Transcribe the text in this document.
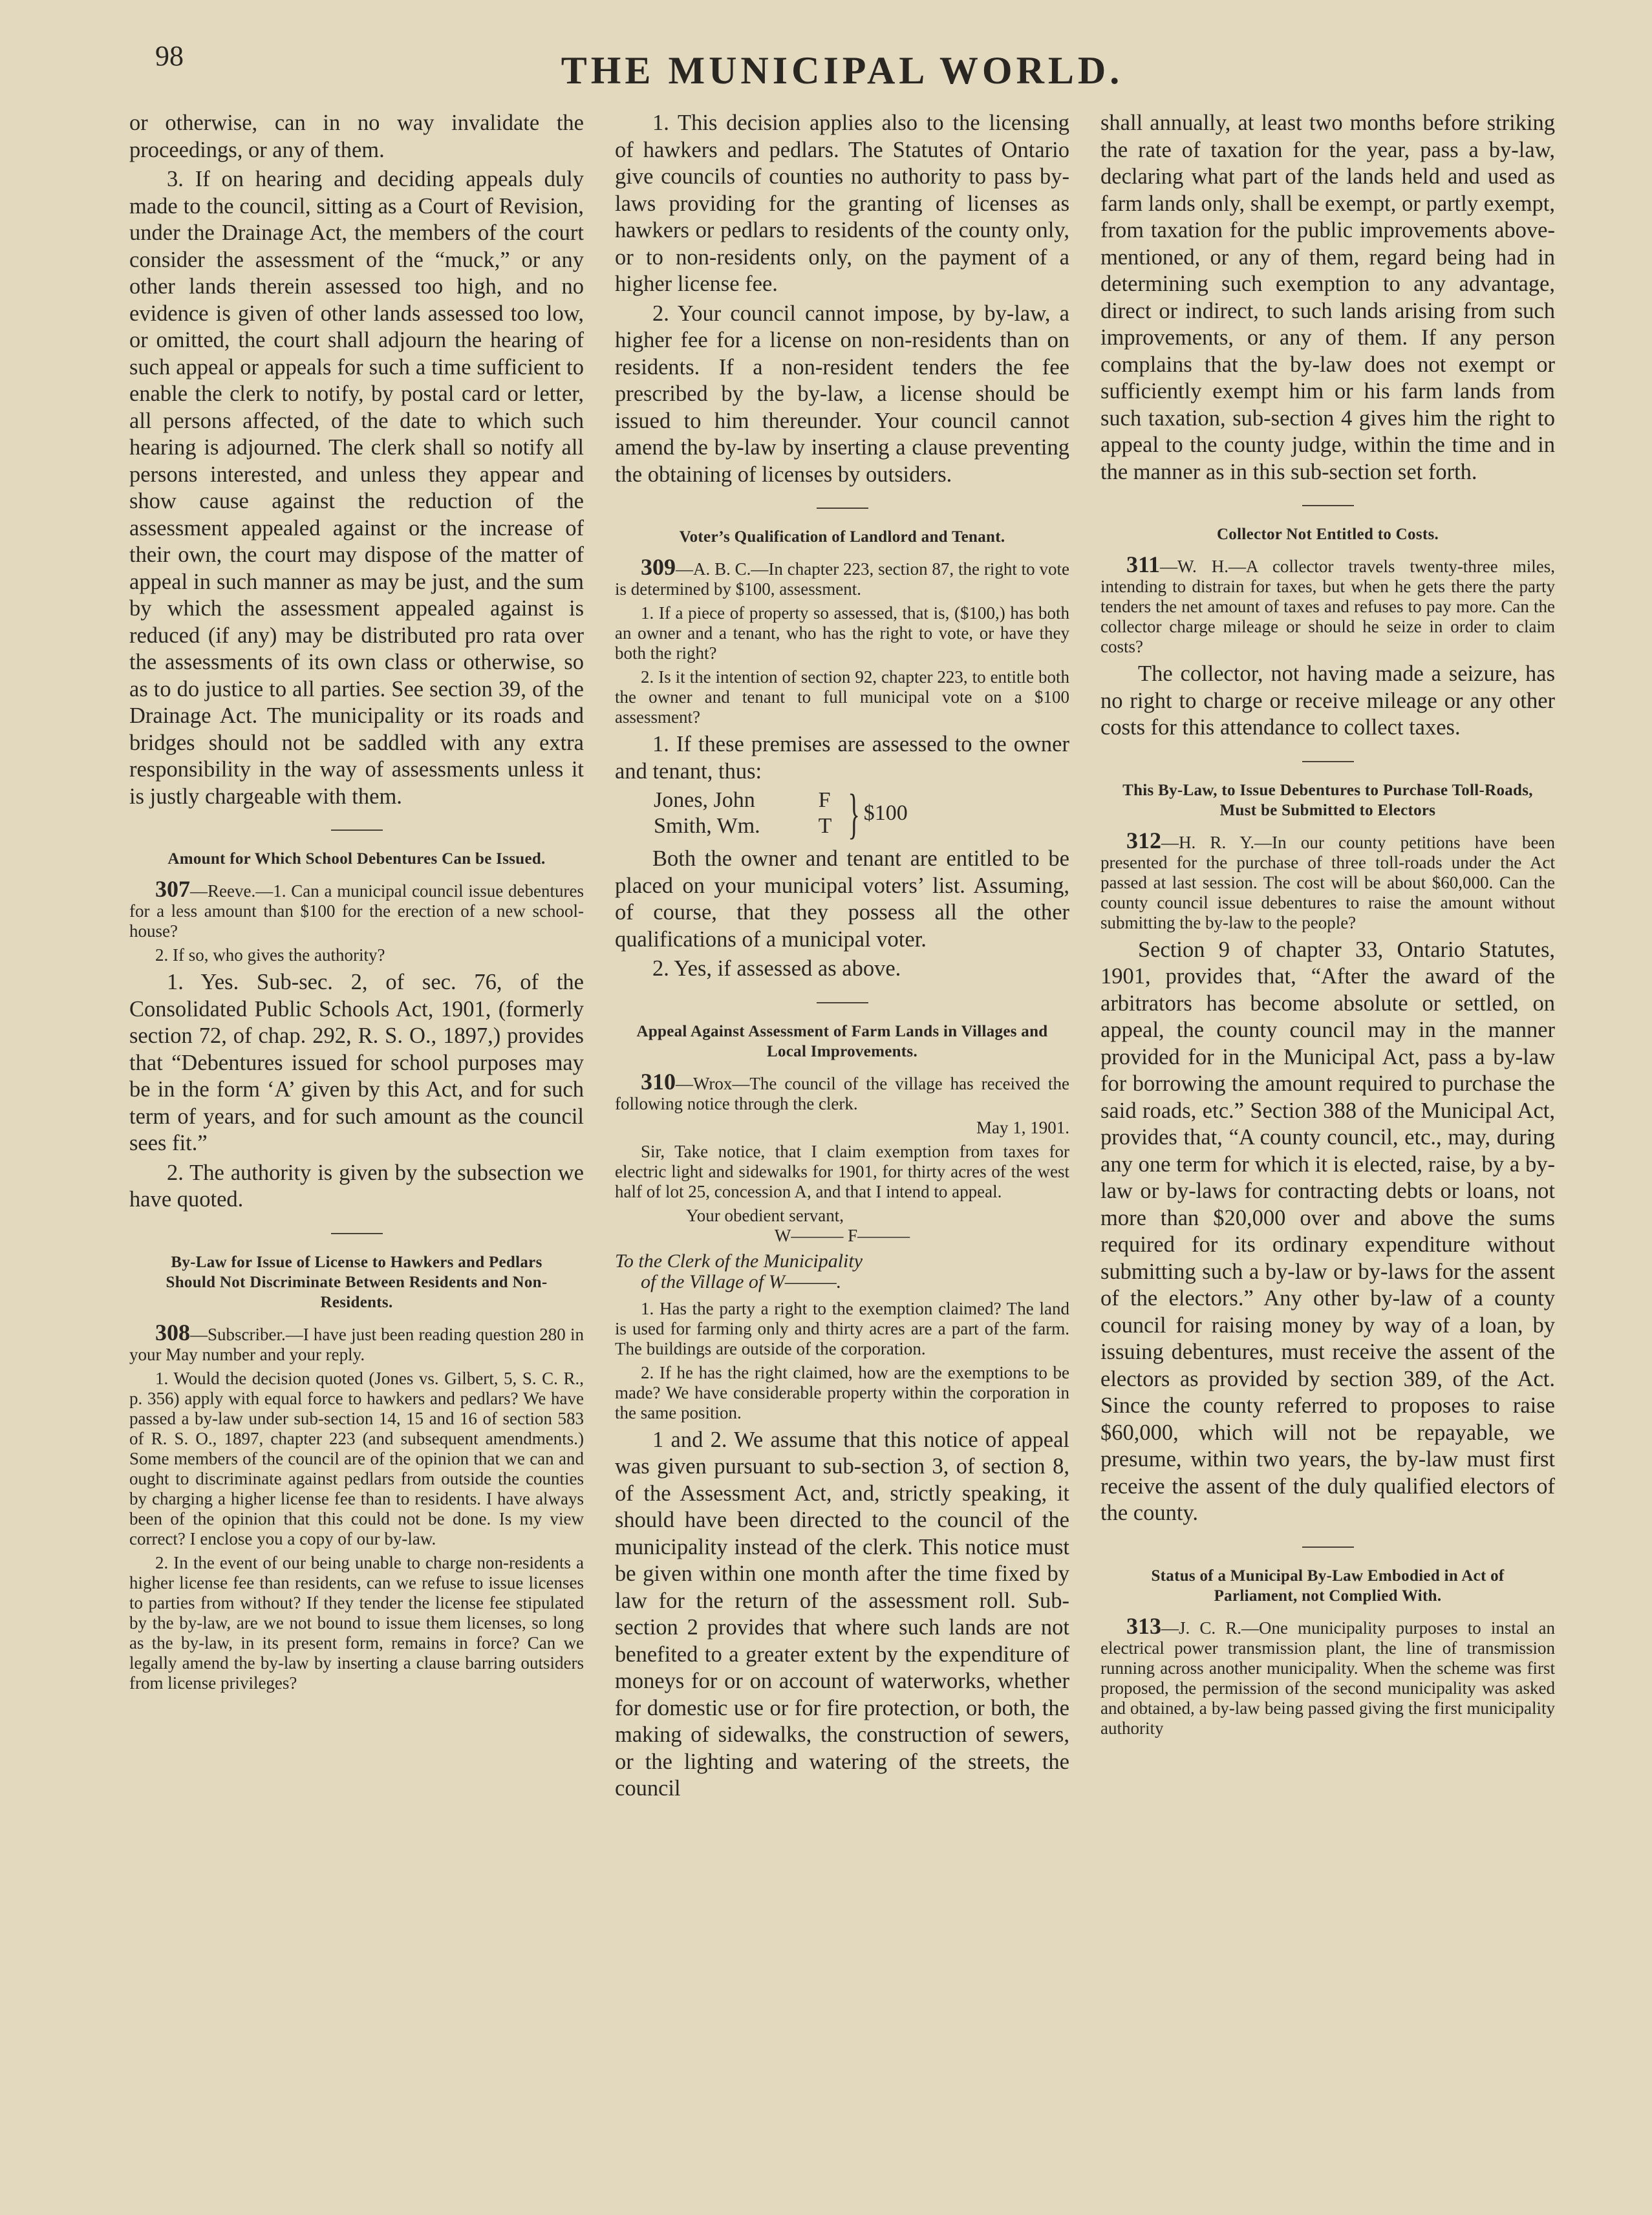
98	THE MUNICIPAL WORLD.

or otherwise, can in no way invalidate the proceedings, or any of them.

3. If on hearing and deciding appeals duly made to the council, sitting as a Court of Revision, under the Drainage Act, the members of the court consider the assessment of the “muck,” or any other lands therein assessed too high, and no evidence is given of other lands assessed too low, or omitted, the court shall adjourn the hearing of such appeal or appeals for such a time sufficient to enable the clerk to notify, by postal card or letter, all persons affected, of the date to which such hearing is adjourned. The clerk shall so notify all persons interested, and unless they appear and show cause against the reduction of the assessment appealed against or the increase of their own, the court may dispose of the matter of appeal in such manner as may be just, and the sum by which the assessment appealed against is reduced (if any) may be distributed pro rata over the assessments of its own class or otherwise, so as to do justice to all parties. See section 39, of the Drainage Act. The municipality or its roads and bridges should not be saddled with any extra responsibility in the way of assessments unless it is justly chargeable with them.

Amount for Which School Debentures Can be Issued.

307—Reeve.—1. Can a municipal council issue debentures for a less amount than $100 for the erection of a new school-house?

2. If so, who gives the authority?

1. Yes. Sub-sec. 2, of sec. 76, of the Consolidated Public Schools Act, 1901, (formerly section 72, of chap. 292, R. S. O., 1897,) provides that “Debentures issued for school purposes may be in the form ‘A’ given by this Act, and for such term of years, and for such amount as the council sees fit.”

2. The authority is given by the subsection we have quoted.

By-Law for Issue of License to Hawkers and Pedlars Should Not Discriminate Between Residents and Non-Residents.

308—Subscriber.—I have just been reading question 280 in your May number and your reply.

1. Would the decision quoted (Jones vs. Gilbert, 5, S. C. R., p. 356) apply with equal force to hawkers and pedlars? We have passed a by-law under sub-section 14, 15 and 16 of section 583 of R. S. O., 1897, chapter 223 (and subsequent amendments.) Some members of the council are of the opinion that we can and ought to discriminate against pedlars from outside the counties by charging a higher license fee than to residents. I have always been of the opinion that this could not be done. Is my view correct? I enclose you a copy of our by-law.

2. In the event of our being unable to charge non-residents a higher license fee than residents, can we refuse to issue licenses to parties from without? If they tender the license fee stipulated by the by-law, are we not bound to issue them licenses, so long as the by-law, in its present form, remains in force? Can we legally amend the by-law by inserting a clause barring outsiders from license privileges?

1. This decision applies also to the licensing of hawkers and pedlars. The Statutes of Ontario give councils of counties no authority to pass by-laws providing for the granting of licenses as hawkers or pedlars to residents of the county only, or to non-residents only, on the payment of a higher license fee.

2. Your council cannot impose, by by-law, a higher fee for a license on non-residents than on residents. If a non-resident tenders the fee prescribed by the by-law, a license should be issued to him thereunder. Your council cannot amend the by-law by inserting a clause preventing the obtaining of licenses by outsiders.

Voter’s Qualification of Landlord and Tenant.

309—A. B. C.—In chapter 223, section 87, the right to vote is determined by $100, assessment.

1. If a piece of property so assessed, that is, ($100,) has both an owner and a tenant, who has the right to vote, or have they both the right?

2. Is it the intention of section 92, chapter 223, to entitle both the owner and tenant to full municipal vote on a $100 assessment?

1. If these premises are assessed to the owner and tenant, thus:

Jones, John
Smith, Wm.
F
T } $100

Both the owner and tenant are entitled to be placed on your municipal voters’ list. Assuming, of course, that they possess all the other qualifications of a municipal voter.

2. Yes, if assessed as above.

Appeal Against Assessment of Farm Lands in Villages and Local Improvements.

310—Wrox—The council of the village has received the following notice through the clerk.

May 1, 1901.

Sir, Take notice, that I claim exemption from taxes for electric light and sidewalks for 1901, for thirty acres of the west half of lot 25, concession A, and that I intend to appeal.

Your obedient servant,

W——— F———

To the Clerk of the Municipality
of the Village of W———.

1. Has the party a right to the exemption claimed? The land is used for farming only and thirty acres are a part of the farm. The buildings are outside of the corporation.

2. If he has the right claimed, how are the exemptions to be made? We have considerable property within the corporation in the same position.

1 and 2. We assume that this notice of appeal was given pursuant to sub-section 3, of section 8, of the Assessment Act, and, strictly speaking, it should have been directed to the council of the municipality instead of the clerk. This notice must be given within one month after the time fixed by law for the return of the assessment roll. Sub-section 2 provides that where such lands are not benefited to a greater extent by the expenditure of moneys for or on account of waterworks, whether for domestic use or for fire protection, or both, the making of sidewalks, the construction of sewers, or the lighting and watering of the streets, the council

shall annually, at least two months before striking the rate of taxation for the year, pass a by-law, declaring what part of the lands held and used as farm lands only, shall be exempt, or partly exempt, from taxation for the public improvements above-mentioned, or any of them, regard being had in determining such exemption to any advantage, direct or indirect, to such lands arising from such improvements, or any of them. If any person complains that the by-law does not exempt or sufficiently exempt him or his farm lands from such taxation, sub-section 4 gives him the right to appeal to the county judge, within the time and in the manner as in this sub-section set forth.

Collector Not Entitled to Costs.

311—W. H.—A collector travels twenty-three miles, intending to distrain for taxes, but when he gets there the party tenders the net amount of taxes and refuses to pay more. Can the collector charge mileage or should he seize in order to claim costs?

The collector, not having made a seizure, has no right to charge or receive mileage or any other costs for this attendance to collect taxes.

This By-Law, to Issue Debentures to Purchase Toll-Roads, Must be Submitted to Electors

312—H. R. Y.—In our county petitions have been presented for the purchase of three toll-roads under the Act passed at last session. The cost will be about $60,000. Can the county council issue debentures to raise the amount without submitting the by-law to the people?

Section 9 of chapter 33, Ontario Statutes, 1901, provides that, “After the award of the arbitrators has become absolute or settled, on appeal, the county council may in the manner provided for in the Municipal Act, pass a by-law for borrowing the amount required to purchase the said roads, etc.” Section 388 of the Municipal Act, provides that, “A county council, etc., may, during any one term for which it is elected, raise, by a by-law or by-laws for contracting debts or loans, not more than $20,000 over and above the sums required for its ordinary expenditure without submitting such a by-law or by-laws for the assent of the electors.” Any other by-law of a county council for raising money by way of a loan, by issuing debentures, must receive the assent of the electors as provided by section 389, of the Act. Since the county referred to proposes to raise $60,000, which will not be repayable, we presume, within two years, the by-law must first receive the assent of the duly qualified electors of the county.

Status of a Municipal By-Law Embodied in Act of Parliament, not Complied With.

313—J. C. R.—One municipality purposes to instal an electrical power transmission plant, the line of transmission running across another municipality. When the scheme was first proposed, the permission of the second municipality was asked and obtained, a by-law being passed giving the first municipality authority
